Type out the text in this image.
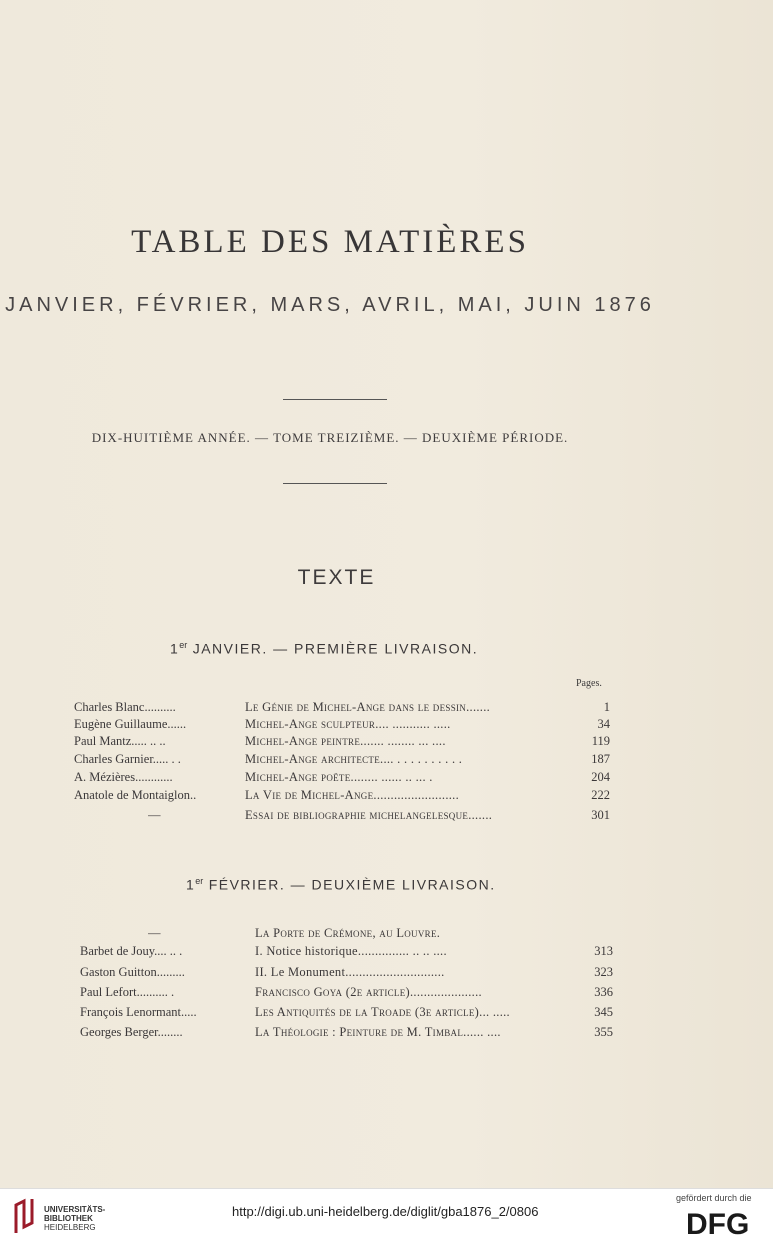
TABLE DES MATIÈRES
JANVIER, FÉVRIER, MARS, AVRIL, MAI, JUIN 1876
DIX-HUITIÈME ANNÉE. — TOME TREIZIÈME. — DEUXIÈME PÉRIODE.
TEXTE
1er JANVIER. — PREMIÈRE LIVRAISON.
Pages.
Charles Blanc..........	Le Génie de Michel-Ange dans le dessin.......	1
Eugène Guillaume......	Michel-Ange sculpteur.... ........... .....	34
Paul Mantz..... .. ..	Michel-Ange peintre....... ........ ... ....	119
Charles Garnier..... . .	Michel-Ange architecte.... . . . . . . . . . .	187
A. Mézières............	Michel-Ange poëte........ ...... .. ... .	204
Anatole de Montaiglon..	La Vie de Michel-Ange.........................	222
—	Essai de bibliographie michelangelesque.......	301
1er FÉVRIER. — DEUXIÈME LIVRAISON.
—	La Porte de Crémone, au Louvre.
Barbet de Jouy.... .. .	I. Notice historique............... .. .. ....	313
Gaston Guitton.........	II. Le Monument.............................	323
Paul Lefort.......... .	Francisco Goya (2e article).....................	336
François Lenormant.....	Les Antiquités de la Troade (3e article)... .....	345
Georges Berger........	La Théologie : Peinture de M. Timbal...... ....	355
UNIVERSITÄTS-
BIBLIOTHEK
HEIDELBERG
http://digi.ub.uni-heidelberg.de/diglit/gba1876_2/0806
gefördert durch die
DFG
